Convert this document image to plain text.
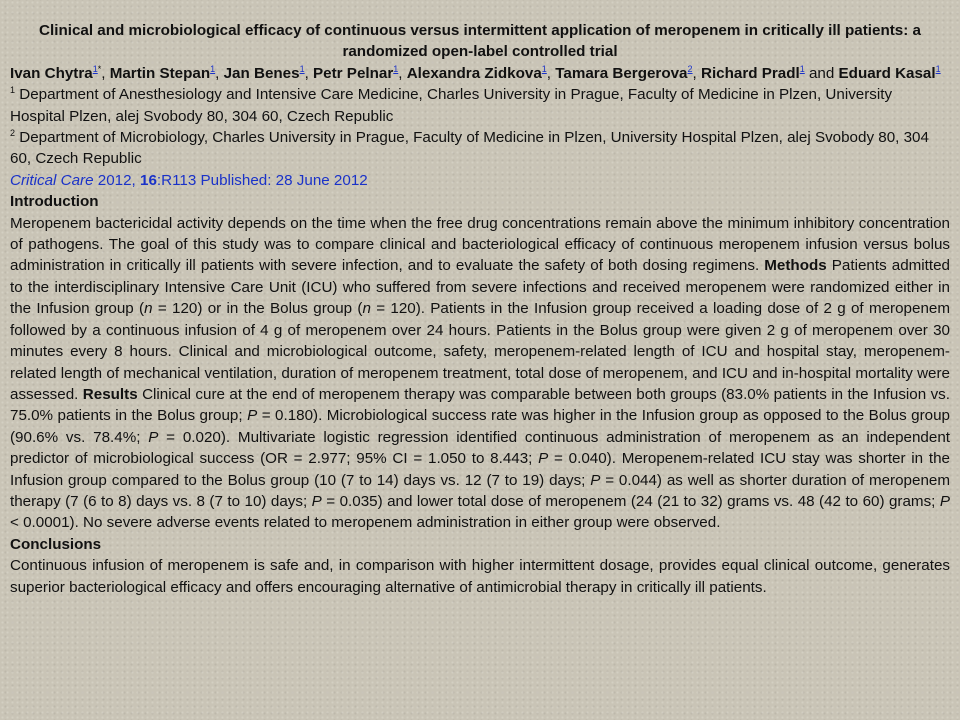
Clinical and microbiological efficacy of continuous versus intermittent application of meropenem in critically ill patients: a randomized open-label controlled trial

Ivan Chytra$^{1*}$, Martin Stepan$^1$, Jan Benes$^1$, Petr Pelnar$^1$, Alexandra Zidkova$^1$, Tamara Bergerova$^2$, Richard Pradl$^1$ and Eduard Kasal$^1$

$^1$ Department of Anesthesiology and Intensive Care Medicine, Charles University in Prague, Faculty of Medicine in Plzen, University Hospital Plzen, alej Svobody 80, 304 60, Czech Republic

$^2$ Department of Microbiology, Charles University in Prague, Faculty of Medicine in Plzen, University Hospital Plzen, alej Svobody 80, 304 60, Czech Republic

Critical Care 2012, 16:R113 Published: 28 June 2012

Introduction

Meropenem bactericidal activity depends on the time when the free drug concentrations remain above the minimum inhibitory concentration of pathogens. The goal of this study was to compare clinical and bacteriological efficacy of continuous meropenem infusion versus bolus administration in critically ill patients with severe infection, and to evaluate the safety of both dosing regimens. Methods Patients admitted to the interdisciplinary Intensive Care Unit (ICU) who suffered from severe infections and received meropenem were randomized either in the Infusion group (n = 120) or in the Bolus group (n = 120). Patients in the Infusion group received a loading dose of 2 g of meropenem followed by a continuous infusion of 4 g of meropenem over 24 hours. Patients in the Bolus group were given 2 g of meropenem over 30 minutes every 8 hours. Clinical and microbiological outcome, safety, meropenem-related length of ICU and hospital stay, meropenem-related length of mechanical ventilation, duration of meropenem treatment, total dose of meropenem, and ICU and in-hospital mortality were assessed. Results Clinical cure at the end of meropenem therapy was comparable between both groups (83.0% patients in the Infusion vs. 75.0% patients in the Bolus group; P = 0.180). Microbiological success rate was higher in the Infusion group as opposed to the Bolus group (90.6% vs. 78.4%; P = 0.020). Multivariate logistic regression identified continuous administration of meropenem as an independent predictor of microbiological success (OR = 2.977; 95% CI = 1.050 to 8.443; P = 0.040). Meropenem-related ICU stay was shorter in the Infusion group compared to the Bolus group (10 (7 to 14) days vs. 12 (7 to 19) days; P = 0.044) as well as shorter duration of meropenem therapy (7 (6 to 8) days vs. 8 (7 to 10) days; P = 0.035) and lower total dose of meropenem (24 (21 to 32) grams vs. 48 (42 to 60) grams; P < 0.0001). No severe adverse events related to meropenem administration in either group were observed.

Conclusions

Continuous infusion of meropenem is safe and, in comparison with higher intermittent dosage, provides equal clinical outcome, generates superior bacteriological efficacy and offers encouraging alternative of antimicrobial therapy in critically ill patients.
